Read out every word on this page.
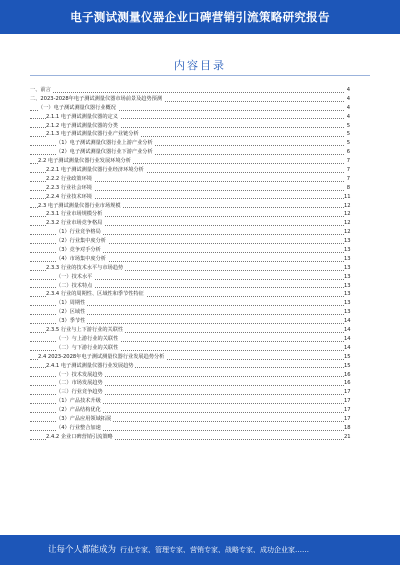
电子测试测量仪器企业口碑营销引流策略研究报告
内容目录
一、前言	4
二、2023-2028年电子测试测量仪器市场前景及趋势预测	4
（一）电子测试测量仪器行业概况	4
2.1.1 电子测试测量仪器的定义	4
2.1.2 电子测试测量仪器的分类	5
2.1.3 电子测试测量仪器行业产业链分析	5
（1）电子测试测量仪器行业上游产业分析	5
（2）电子测试测量仪器行业下游产业分析	6
2.2 电子测试测量仪器行业发展环境分析	7
2.2.1 电子测试测量仪器行业经济环境分析	7
2.2.2 行业政策环境	7
2.2.3 行业社会环境	8
2.2.4 行业技术环境	11
2.3 电子测试测量仪器行业市场规模	12
2.3.1 行业市场规模分析	12
2.3.2 行业市场竞争格局	12
（1）行业竞争格局	12
（2）行业集中度分析	13
（3）竞争对手分析	13
（4）市场集中度分析	13
2.3.3 行业的技术水平与市场趋势	13
（一）技术水平	13
（二）技术特点	13
2.3.4 行业的周期性、区域性和季节性特征	13
（1）周期性	13
（2）区域性	13
（3）季节性	14
2.3.5 行业与上下游行业的关联性	14
（一）与上游行业的关联性	14
（二）与下游行业的关联性	14
2.4 2023-2028年电子测试测量仪器行业发展趋势分析	15
2.4.1 电子测试测量仪器行业发展趋势	15
（一）技术发展趋势	16
（二）市场发展趋势	16
（三）行业竞争趋势	17
（1）产品技术升级	17
（2）产品结构优化	17
（3）产品应用领域拓展	17
（4）行业整合加速	18
2.4.2 企业口碑营销引流策略	21
让每个人都能成为 行业专家、管理专家、营销专家、战略专家、成功企业家……
